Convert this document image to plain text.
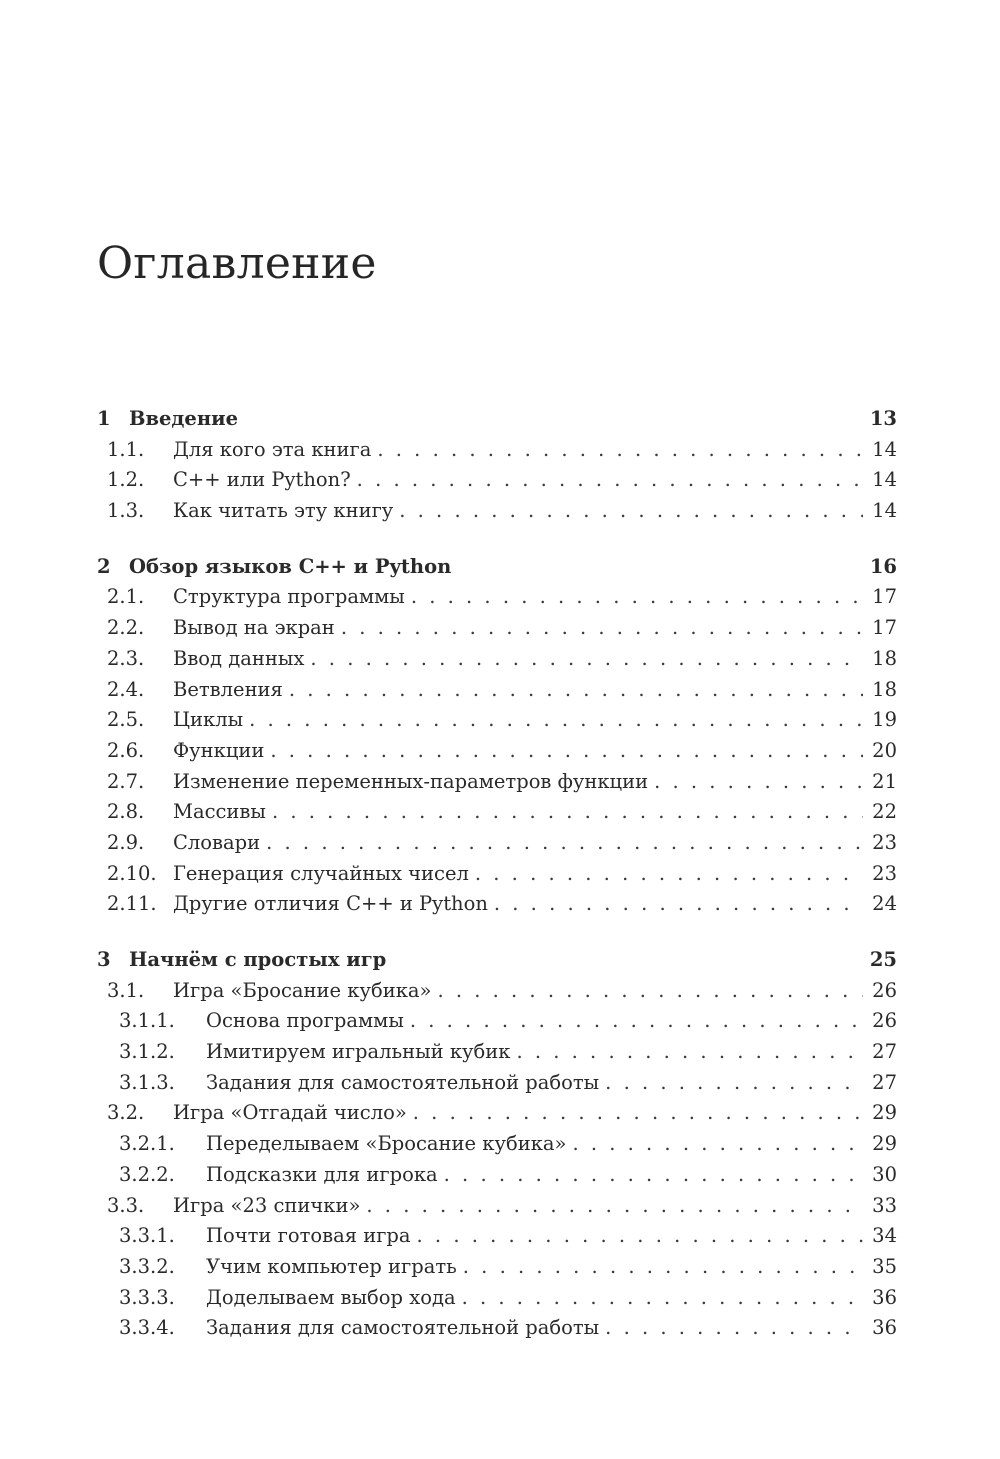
Оглавление
1 Введение	13
1.1.	Для кого эта книга . . .	14
1.2.	C++ или Python? . . .	14
1.3.	Как читать эту книгу . . .	14
2 Обзор языков C++ и Python	16
2.1.	Структура программы . . .	17
2.2.	Вывод на экран . . .	17
2.3.	Ввод данных . . .	18
2.4.	Ветвления . . .	18
2.5.	Циклы . . .	19
2.6.	Функции . . .	20
2.7.	Изменение переменных-параметров функции . . .	21
2.8.	Массивы . . .	22
2.9.	Словари . . .	23
2.10. Генерация случайных чисел . . .	23
2.11. Другие отличия C++ и Python . . .	24
3 Начнём с простых игр	25
3.1.	Игра «Бросание кубика» . . .	26
3.1.1.	Основа программы . . .	26
3.1.2.	Имитируем игральный кубик . . .	27
3.1.3.	Задания для самостоятельной работы . . .	27
3.2.	Игра «Отгадай число» . . .	29
3.2.1.	Переделываем «Бросание кубика» . . .	29
3.2.2.	Подсказки для игрока . . .	30
3.3.	Игра «23 спички» . . .	33
3.3.1.	Почти готовая игра . . .	34
3.3.2.	Учим компьютер играть . . .	35
3.3.3.	Доделываем выбор хода . . .	36
3.3.4.	Задания для самостоятельной работы . . .	36
